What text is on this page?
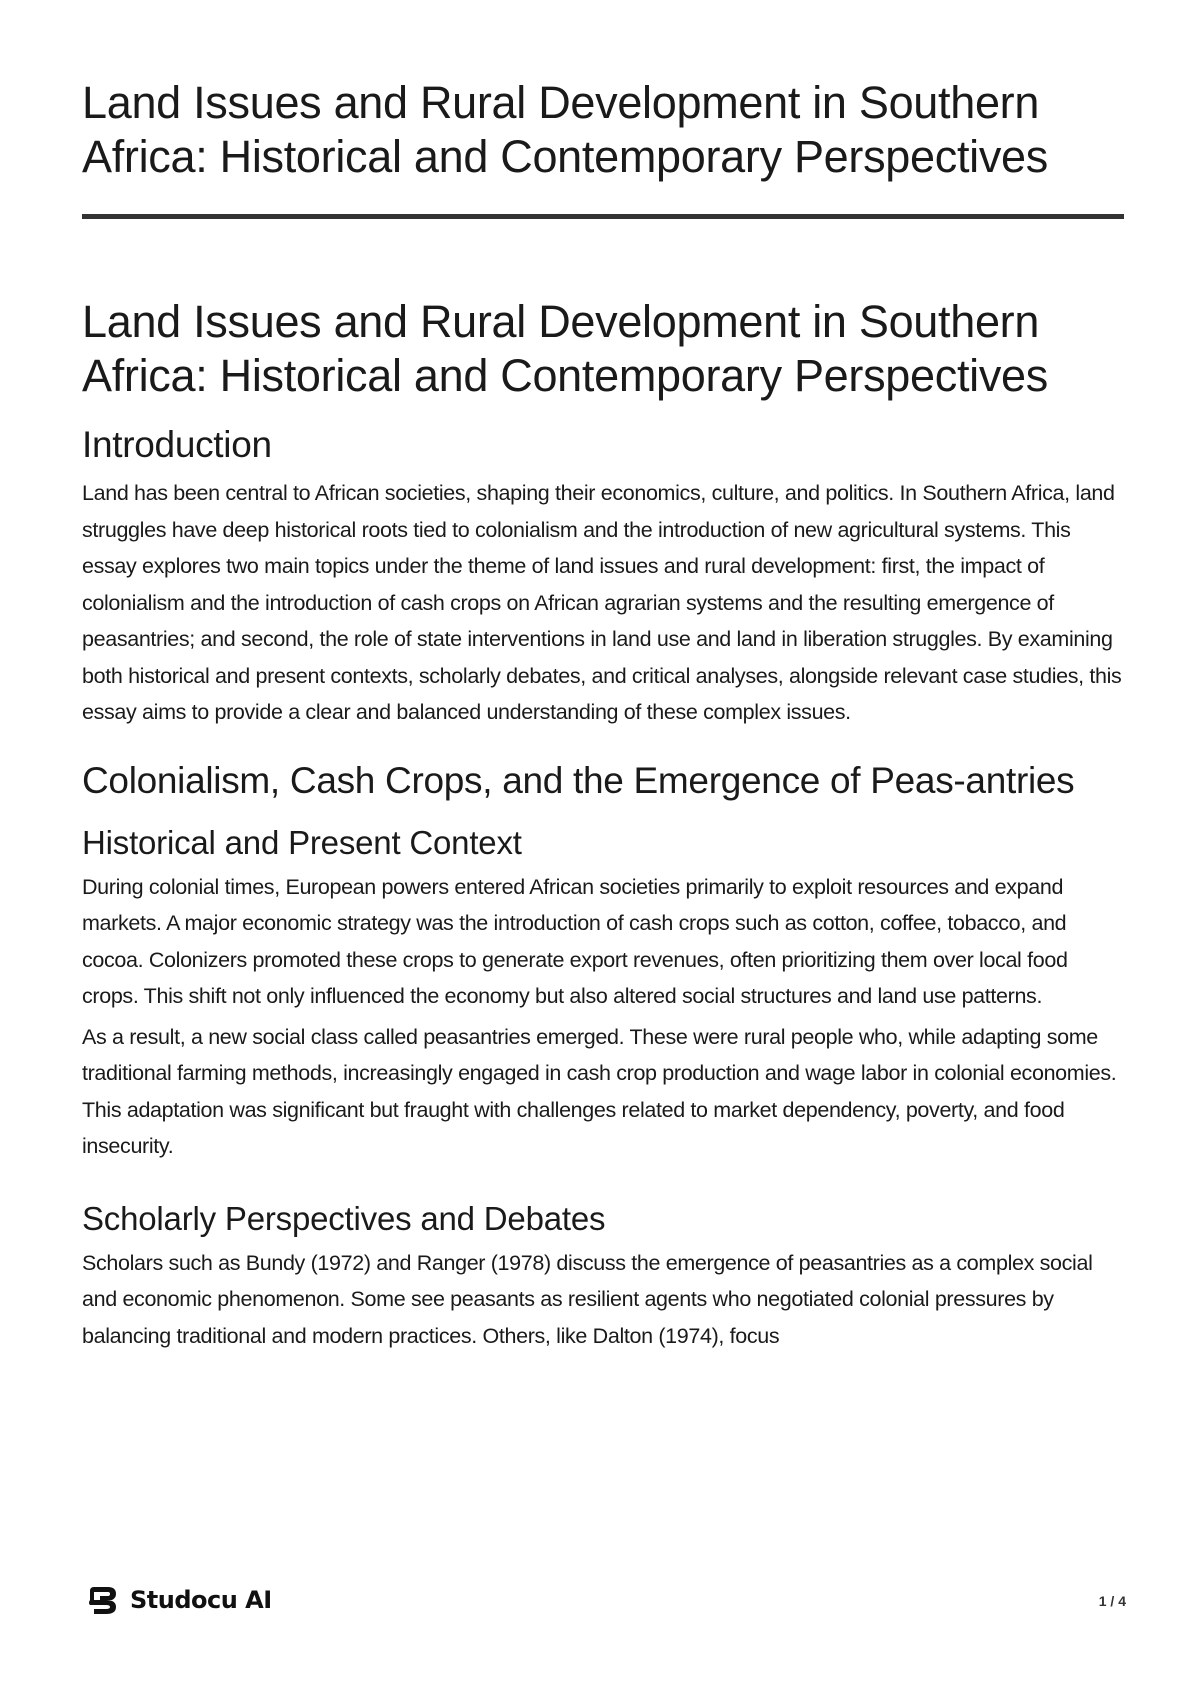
Land Issues and Rural Development in Southern Africa: Historical and Contemporary Perspectives
Land Issues and Rural Development in Southern Africa: Historical and Contemporary Perspectives
Introduction

Land has been central to African societies, shaping their economics, culture, and politics. In Southern Africa, land struggles have deep historical roots tied to colonialism and the introduction of new agricultural systems. This essay explores two main topics under the theme of land issues and rural development: first, the impact of colonialism and the introduction of cash crops on African agrarian systems and the resulting emergence of peasantries; and second, the role of state interventions in land use and land in liberation struggles. By examining both historical and present contexts, scholarly debates, and critical analyses, alongside relevant case studies, this essay aims to provide a clear and balanced understanding of these complex issues.

Colonialism, Cash Crops, and the Emergence of Peas-antries
Historical and Present Context

During colonial times, European powers entered African societies primarily to exploit resources and expand markets. A major economic strategy was the introduction of cash crops such as cotton, coffee, tobacco, and cocoa. Colonizers promoted these crops to generate export revenues, often prioritizing them over local food crops. This shift not only influenced the economy but also altered social structures and land use patterns.

As a result, a new social class called peasantries emerged. These were rural people who, while adapting some traditional farming methods, increasingly engaged in cash crop production and wage labor in colonial economies. This adaptation was significant but fraught with challenges related to market dependency, poverty, and food insecurity.

Scholarly Perspectives and Debates

Scholars such as Bundy (1972) and Ranger (1978) discuss the emergence of peasantries as a complex social and economic phenomenon. Some see peasants as resilient agents who negotiated colonial pressures by balancing traditional and modern practices. Others, like Dalton (1974), focus

Studocu AI	1 / 4
